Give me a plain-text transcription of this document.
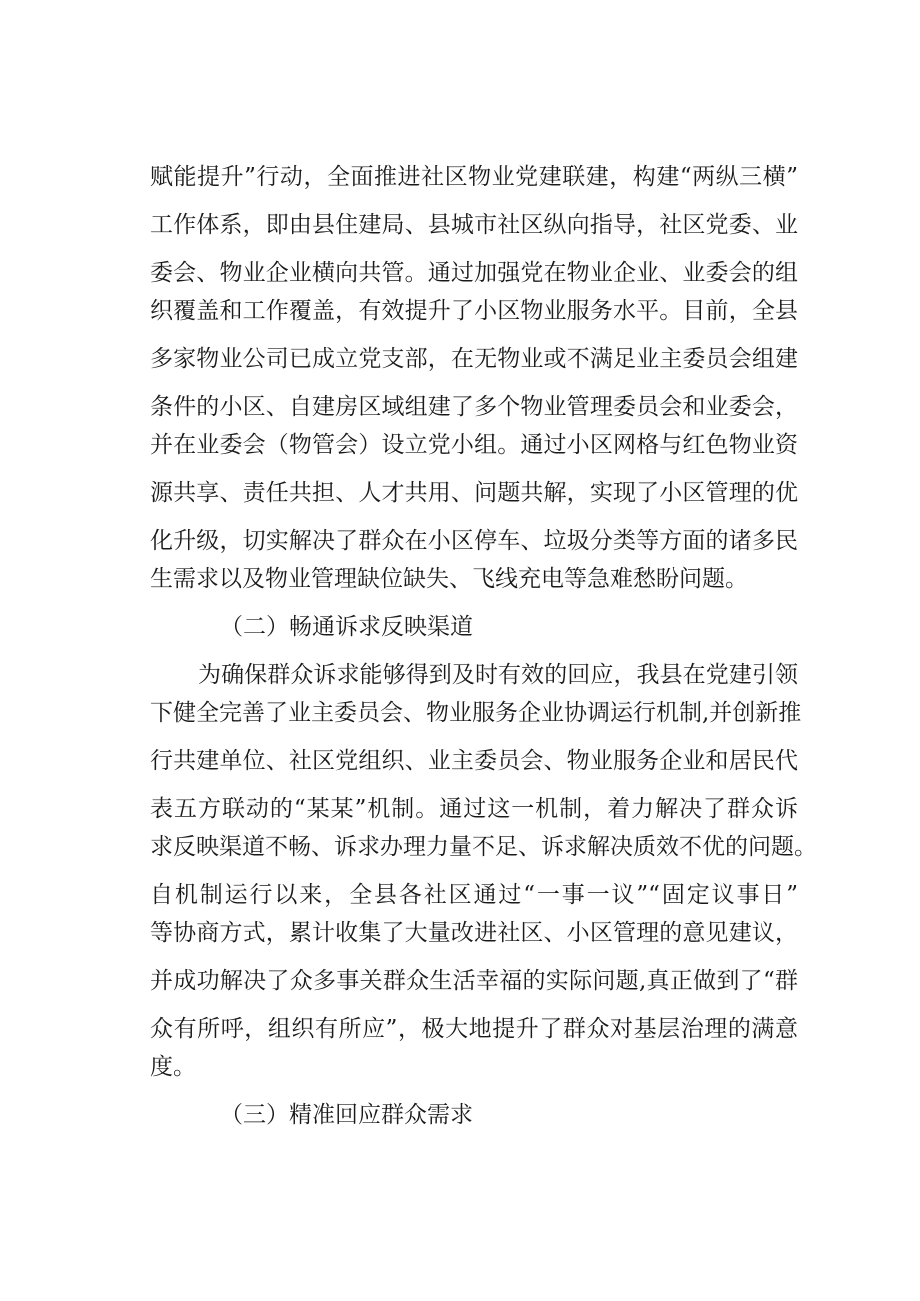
赋能提升”行动，全面推进社区物业党建联建，构建“两纵三横”
工作体系，即由县住建局、县城市社区纵向指导，社区党委、业
委会、物业企业横向共管。通过加强党在物业企业、业委会的组
织覆盖和工作覆盖，有效提升了小区物业服务水平。目前，全县
多家物业公司已成立党支部，在无物业或不满足业主委员会组建
条件的小区、自建房区域组建了多个物业管理委员会和业委会，
并在业委会（物管会）设立党小组。通过小区网格与红色物业资
源共享、责任共担、人才共用、问题共解，实现了小区管理的优
化升级，切实解决了群众在小区停车、垃圾分类等方面的诸多民
生需求以及物业管理缺位缺失、飞线充电等急难愁盼问题。
（二）畅通诉求反映渠道
为确保群众诉求能够得到及时有效的回应，我县在党建引领
下健全完善了业主委员会、物业服务企业协调运行机制,并创新推
行共建单位、社区党组织、业主委员会、物业服务企业和居民代
表五方联动的“某某”机制。通过这一机制，着力解决了群众诉
求反映渠道不畅、诉求办理力量不足、诉求解决质效不优的问题。
自机制运行以来，全县各社区通过“一事一议”“固定议事日”
等协商方式，累计收集了大量改进社区、小区管理的意见建议，
并成功解决了众多事关群众生活幸福的实际问题,真正做到了“群
众有所呼，组织有所应”，极大地提升了群众对基层治理的满意
度。
（三）精准回应群众需求
